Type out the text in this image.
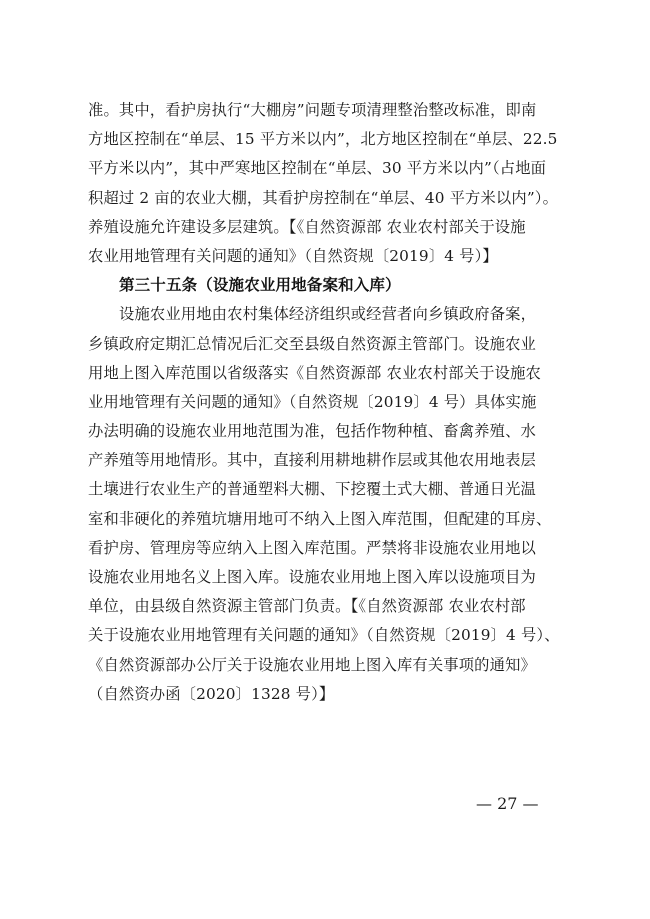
准。其中，看护房执行“大棚房”问题专项清理整治整改标准，即南
方地区控制在“单层、15 平方米以内”，北方地区控制在“单层、22.5
平方米以内”，其中严寒地区控制在“单层、30 平方米以内”（占地面
积超过 2 亩的农业大棚，其看护房控制在“单层、40 平方米以内”）。
养殖设施允许建设多层建筑。【《自然资源部 农业农村部关于设施
农业用地管理有关问题的通知》（自然资规〔2019〕4 号）】
第三十五条（设施农业用地备案和入库）
设施农业用地由农村集体经济组织或经营者向乡镇政府备案，
乡镇政府定期汇总情况后汇交至县级自然资源主管部门。设施农业
用地上图入库范围以省级落实《自然资源部 农业农村部关于设施农
业用地管理有关问题的通知》（自然资规〔2019〕4 号）具体实施
办法明确的设施农业用地范围为准，包括作物种植、畜禽养殖、水
产养殖等用地情形。其中，直接利用耕地耕作层或其他农用地表层
土壤进行农业生产的普通塑料大棚、下挖覆土式大棚、普通日光温
室和非硬化的养殖坑塘用地可不纳入上图入库范围，但配建的耳房、
看护房、管理房等应纳入上图入库范围。严禁将非设施农业用地以
设施农业用地名义上图入库。设施农业用地上图入库以设施项目为
单位，由县级自然资源主管部门负责。【《自然资源部 农业农村部
关于设施农业用地管理有关问题的通知》（自然资规〔2019〕4 号）、
《自然资源部办公厅关于设施农业用地上图入库有关事项的通知》
（自然资办函〔2020〕1328 号）】
— 27 —
